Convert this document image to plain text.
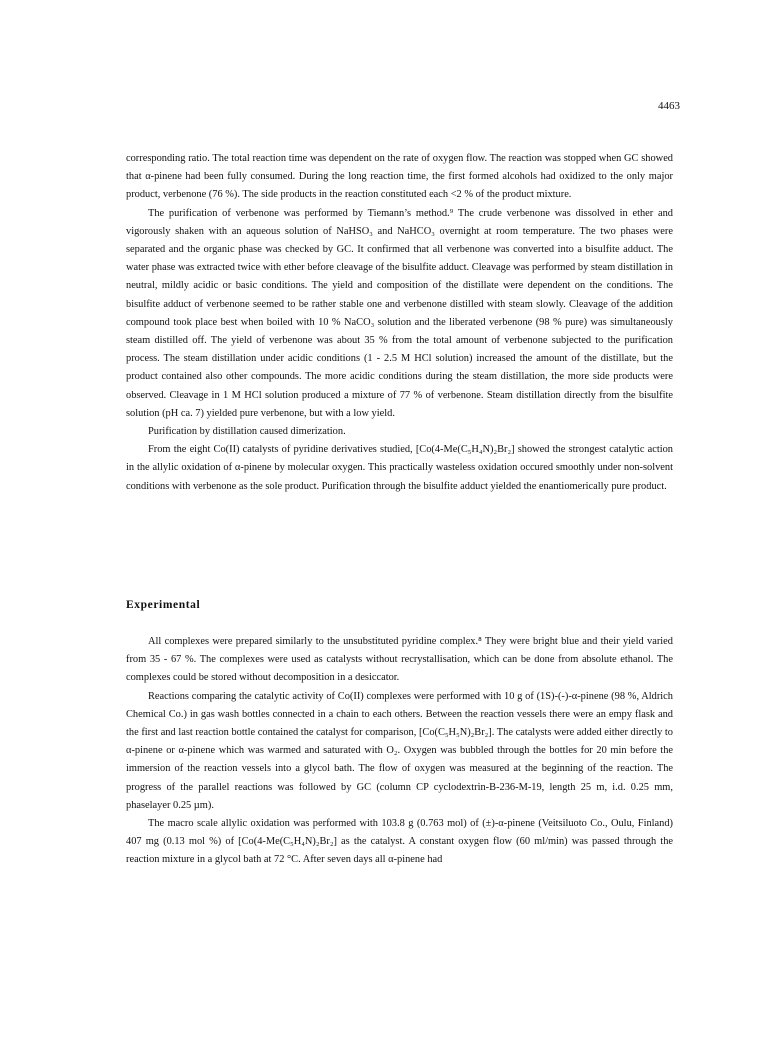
4463

corresponding ratio. The total reaction time was dependent on the rate of oxygen flow. The reaction was stopped when GC showed that α-pinene had been fully consumed. During the long reaction time, the first formed alcohols had oxidized to the only major product, verbenone (76 %). The side products in the reaction constituted each <2 % of the product mixture.

The purification of verbenone was performed by Tiemann’s method.⁹ The crude verbenone was dissolved in ether and vigorously shaken with an aqueous solution of NaHSO₃ and NaHCO₃ overnight at room temperature. The two phases were separated and the organic phase was checked by GC. It confirmed that all verbenone was converted into a bisulfite adduct. The water phase was extracted twice with ether before cleavage of the bisulfite adduct. Cleavage was performed by steam distillation in neutral, mildly acidic or basic conditions. The yield and composition of the distillate were dependent on the conditions. The bisulfite adduct of verbenone seemed to be rather stable one and verbenone distilled with steam slowly. Cleavage of the addition compound took place best when boiled with 10 % NaCO₃ solution and the liberated verbenone (98 % pure) was simultaneously steam distilled off. The yield of verbenone was about 35 % from the total amount of verbenone subjected to the purification process. The steam distillation under acidic conditions (1 - 2.5 M HCl solution) increased the amount of the distillate, but the product contained also other compounds. The more acidic conditions during the steam distillation, the more side products were observed. Cleavage in 1 M HCl solution produced a mixture of 77 % of verbenone. Steam distillation directly from the bisulfite solution (pH ca. 7) yielded pure verbenone, but with a low yield.

Purification by distillation caused dimerization.

From the eight Co(II) catalysts of pyridine derivatives studied, [Co(4-Me(C₅H₄N)₂Br₂] showed the strongest catalytic action in the allylic oxidation of α-pinene by molecular oxygen. This practically wasteless oxidation occured smoothly under non-solvent conditions with verbenone as the sole product. Purification through the bisulfite adduct yielded the enantiomerically pure product.

Experimental

All complexes were prepared similarly to the unsubstituted pyridine complex.⁸ They were bright blue and their yield varied from 35 - 67 %. The complexes were used as catalysts without recrystallisation, which can be done from absolute ethanol. The complexes could be stored without decomposition in a desiccator.

Reactions comparing the catalytic activity of Co(II) complexes were performed with 10 g of (1S)-(-)-α-pinene (98 %, Aldrich Chemical Co.) in gas wash bottles connected in a chain to each others. Between the reaction vessels there were an empy flask and the first and last reaction bottle contained the catalyst for comparison, [Co(C₅H₅N)₂Br₂]. The catalysts were added either directly to α-pinene or α-pinene which was warmed and saturated with O₂. Oxygen was bubbled through the bottles for 20 min before the immersion of the reaction vessels into a glycol bath. The flow of oxygen was measured at the beginning of the reaction. The progress of the parallel reactions was followed by GC (column CP cyclodextrin-B-236-M-19, length 25 m, i.d. 0.25 mm, phaselayer 0.25 µm).

The macro scale allylic oxidation was performed with 103.8 g (0.763 mol) of (±)-α-pinene (Veitsiluoto Co., Oulu, Finland) 407 mg (0.13 mol %) of [Co(4-Me(C₅H₄N)₂Br₂] as the catalyst. A constant oxygen flow (60 ml/min) was passed through the reaction mixture in a glycol bath at 72 °C. After seven days all α-pinene had
